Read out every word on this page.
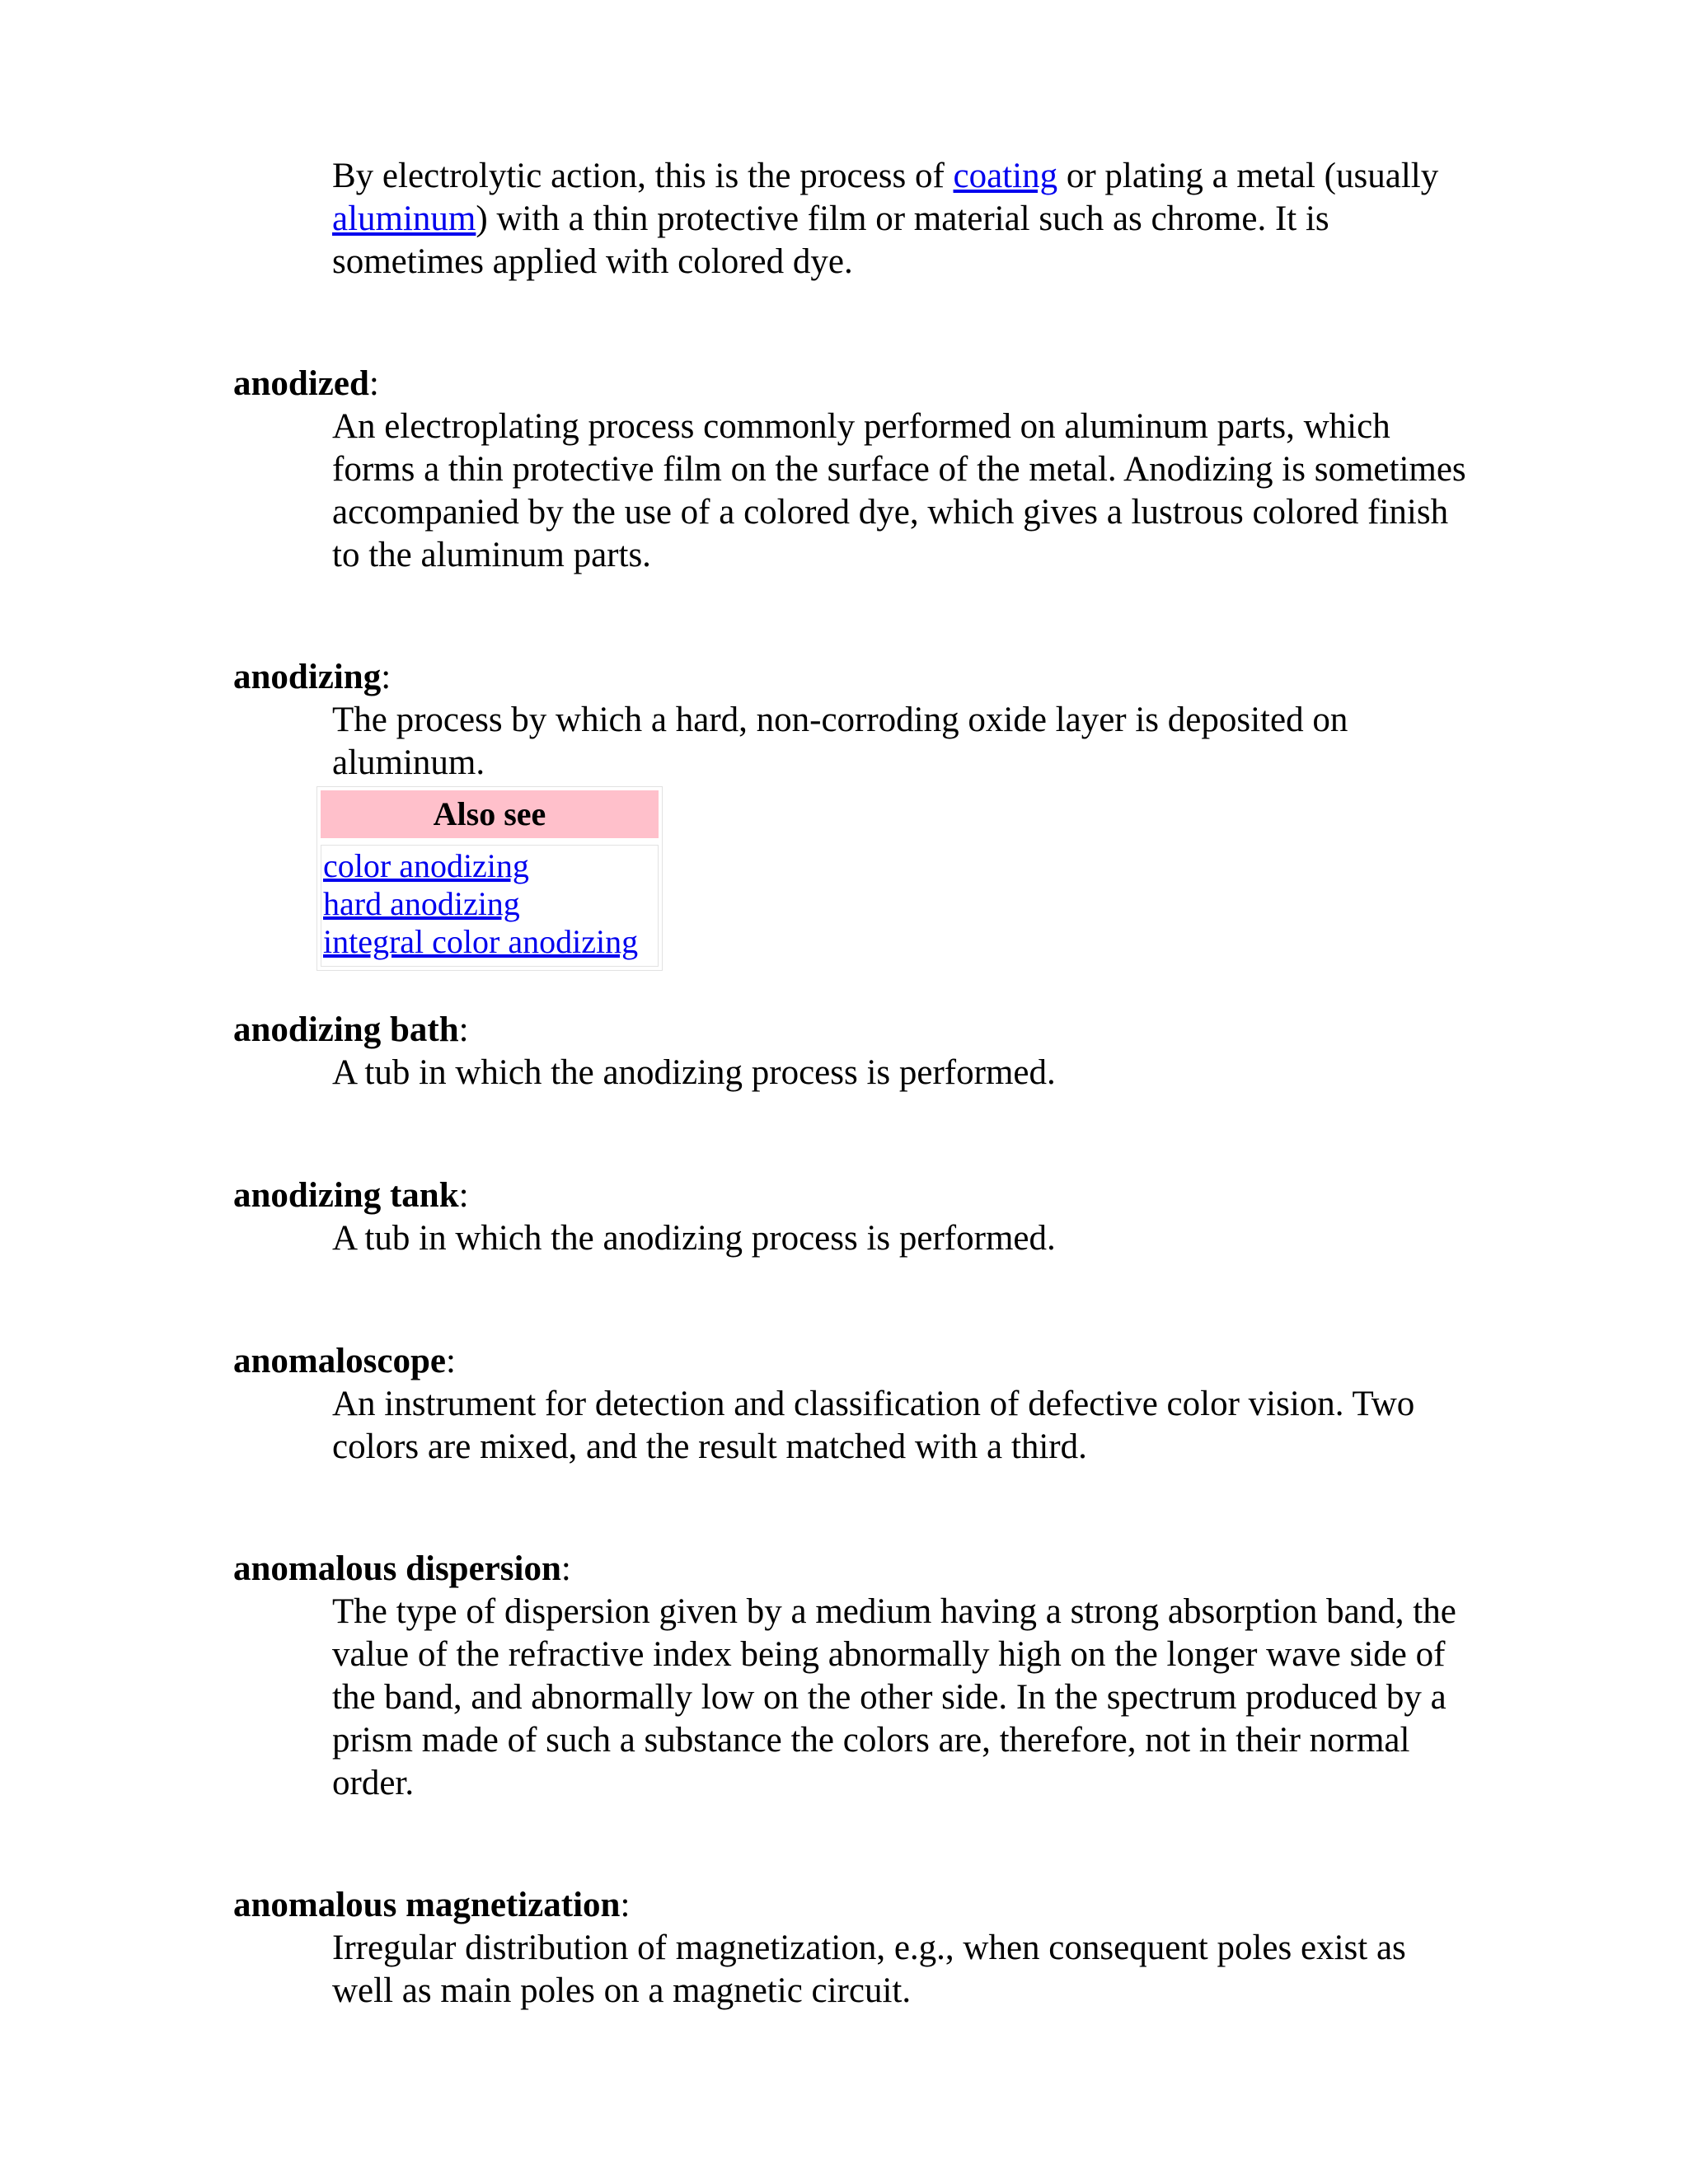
By electrolytic action, this is the process of coating or plating a metal (usually aluminum) with a thin protective film or material such as chrome. It is sometimes applied with colored dye.

anodized:

An electroplating process commonly performed on aluminum parts, which forms a thin protective film on the surface of the metal. Anodizing is sometimes accompanied by the use of a colored dye, which gives a lustrous colored finish to the aluminum parts.

anodizing:

The process by which a hard, non-corroding oxide layer is deposited on aluminum.

Also see
color anodizing
hard anodizing
integral color anodizing

anodizing bath:

A tub in which the anodizing process is performed.

anodizing tank:

A tub in which the anodizing process is performed.

anomaloscope:

An instrument for detection and classification of defective color vision. Two colors are mixed, and the result matched with a third.

anomalous dispersion:

The type of dispersion given by a medium having a strong absorption band, the value of the refractive index being abnormally high on the longer wave side of the band, and abnormally low on the other side. In the spectrum produced by a prism made of such a substance the colors are, therefore, not in their normal order.

anomalous magnetization:

Irregular distribution of magnetization, e.g., when consequent poles exist as well as main poles on a magnetic circuit.
